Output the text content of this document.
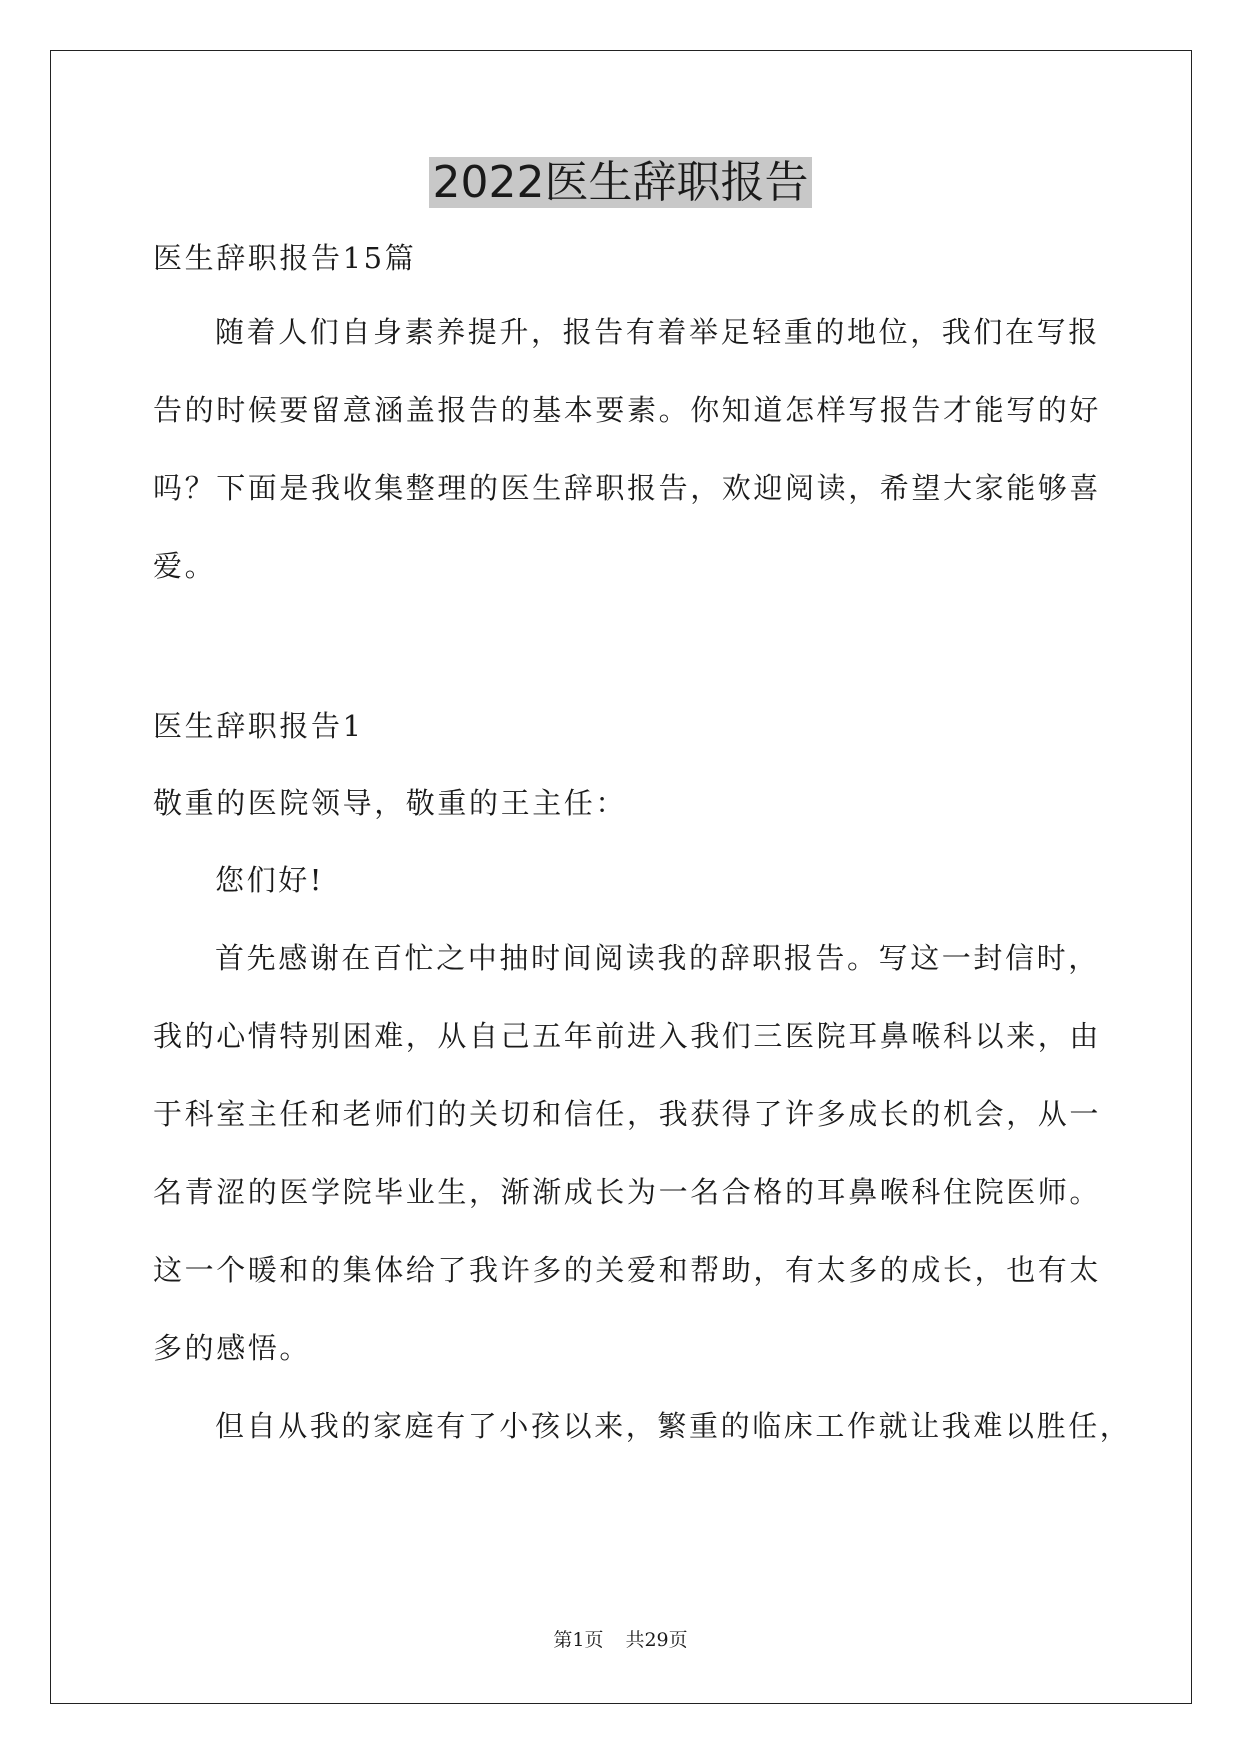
2022医生辞职报告

医生辞职报告15篇

随着人们自身素养提升，报告有着举足轻重的地位，我们在写报

告的时候要留意涵盖报告的基本要素。你知道怎样写报告才能写的好

吗？下面是我收集整理的医生辞职报告，欢迎阅读，希望大家能够喜

爱。

医生辞职报告1

敬重的医院领导，敬重的王主任：

您们好!

首先感谢在百忙之中抽时间阅读我的辞职报告。写这一封信时，

我的心情特别困难，从自己五年前进入我们三医院耳鼻喉科以来，由

于科室主任和老师们的关切和信任，我获得了许多成长的机会，从一

名青涩的医学院毕业生，渐渐成长为一名合格的耳鼻喉科住院医师。

这一个暖和的集体给了我许多的关爱和帮助，有太多的成长，也有太

多的感悟。

但自从我的家庭有了小孩以来，繁重的临床工作就让我难以胜任，

第1页 共29页
